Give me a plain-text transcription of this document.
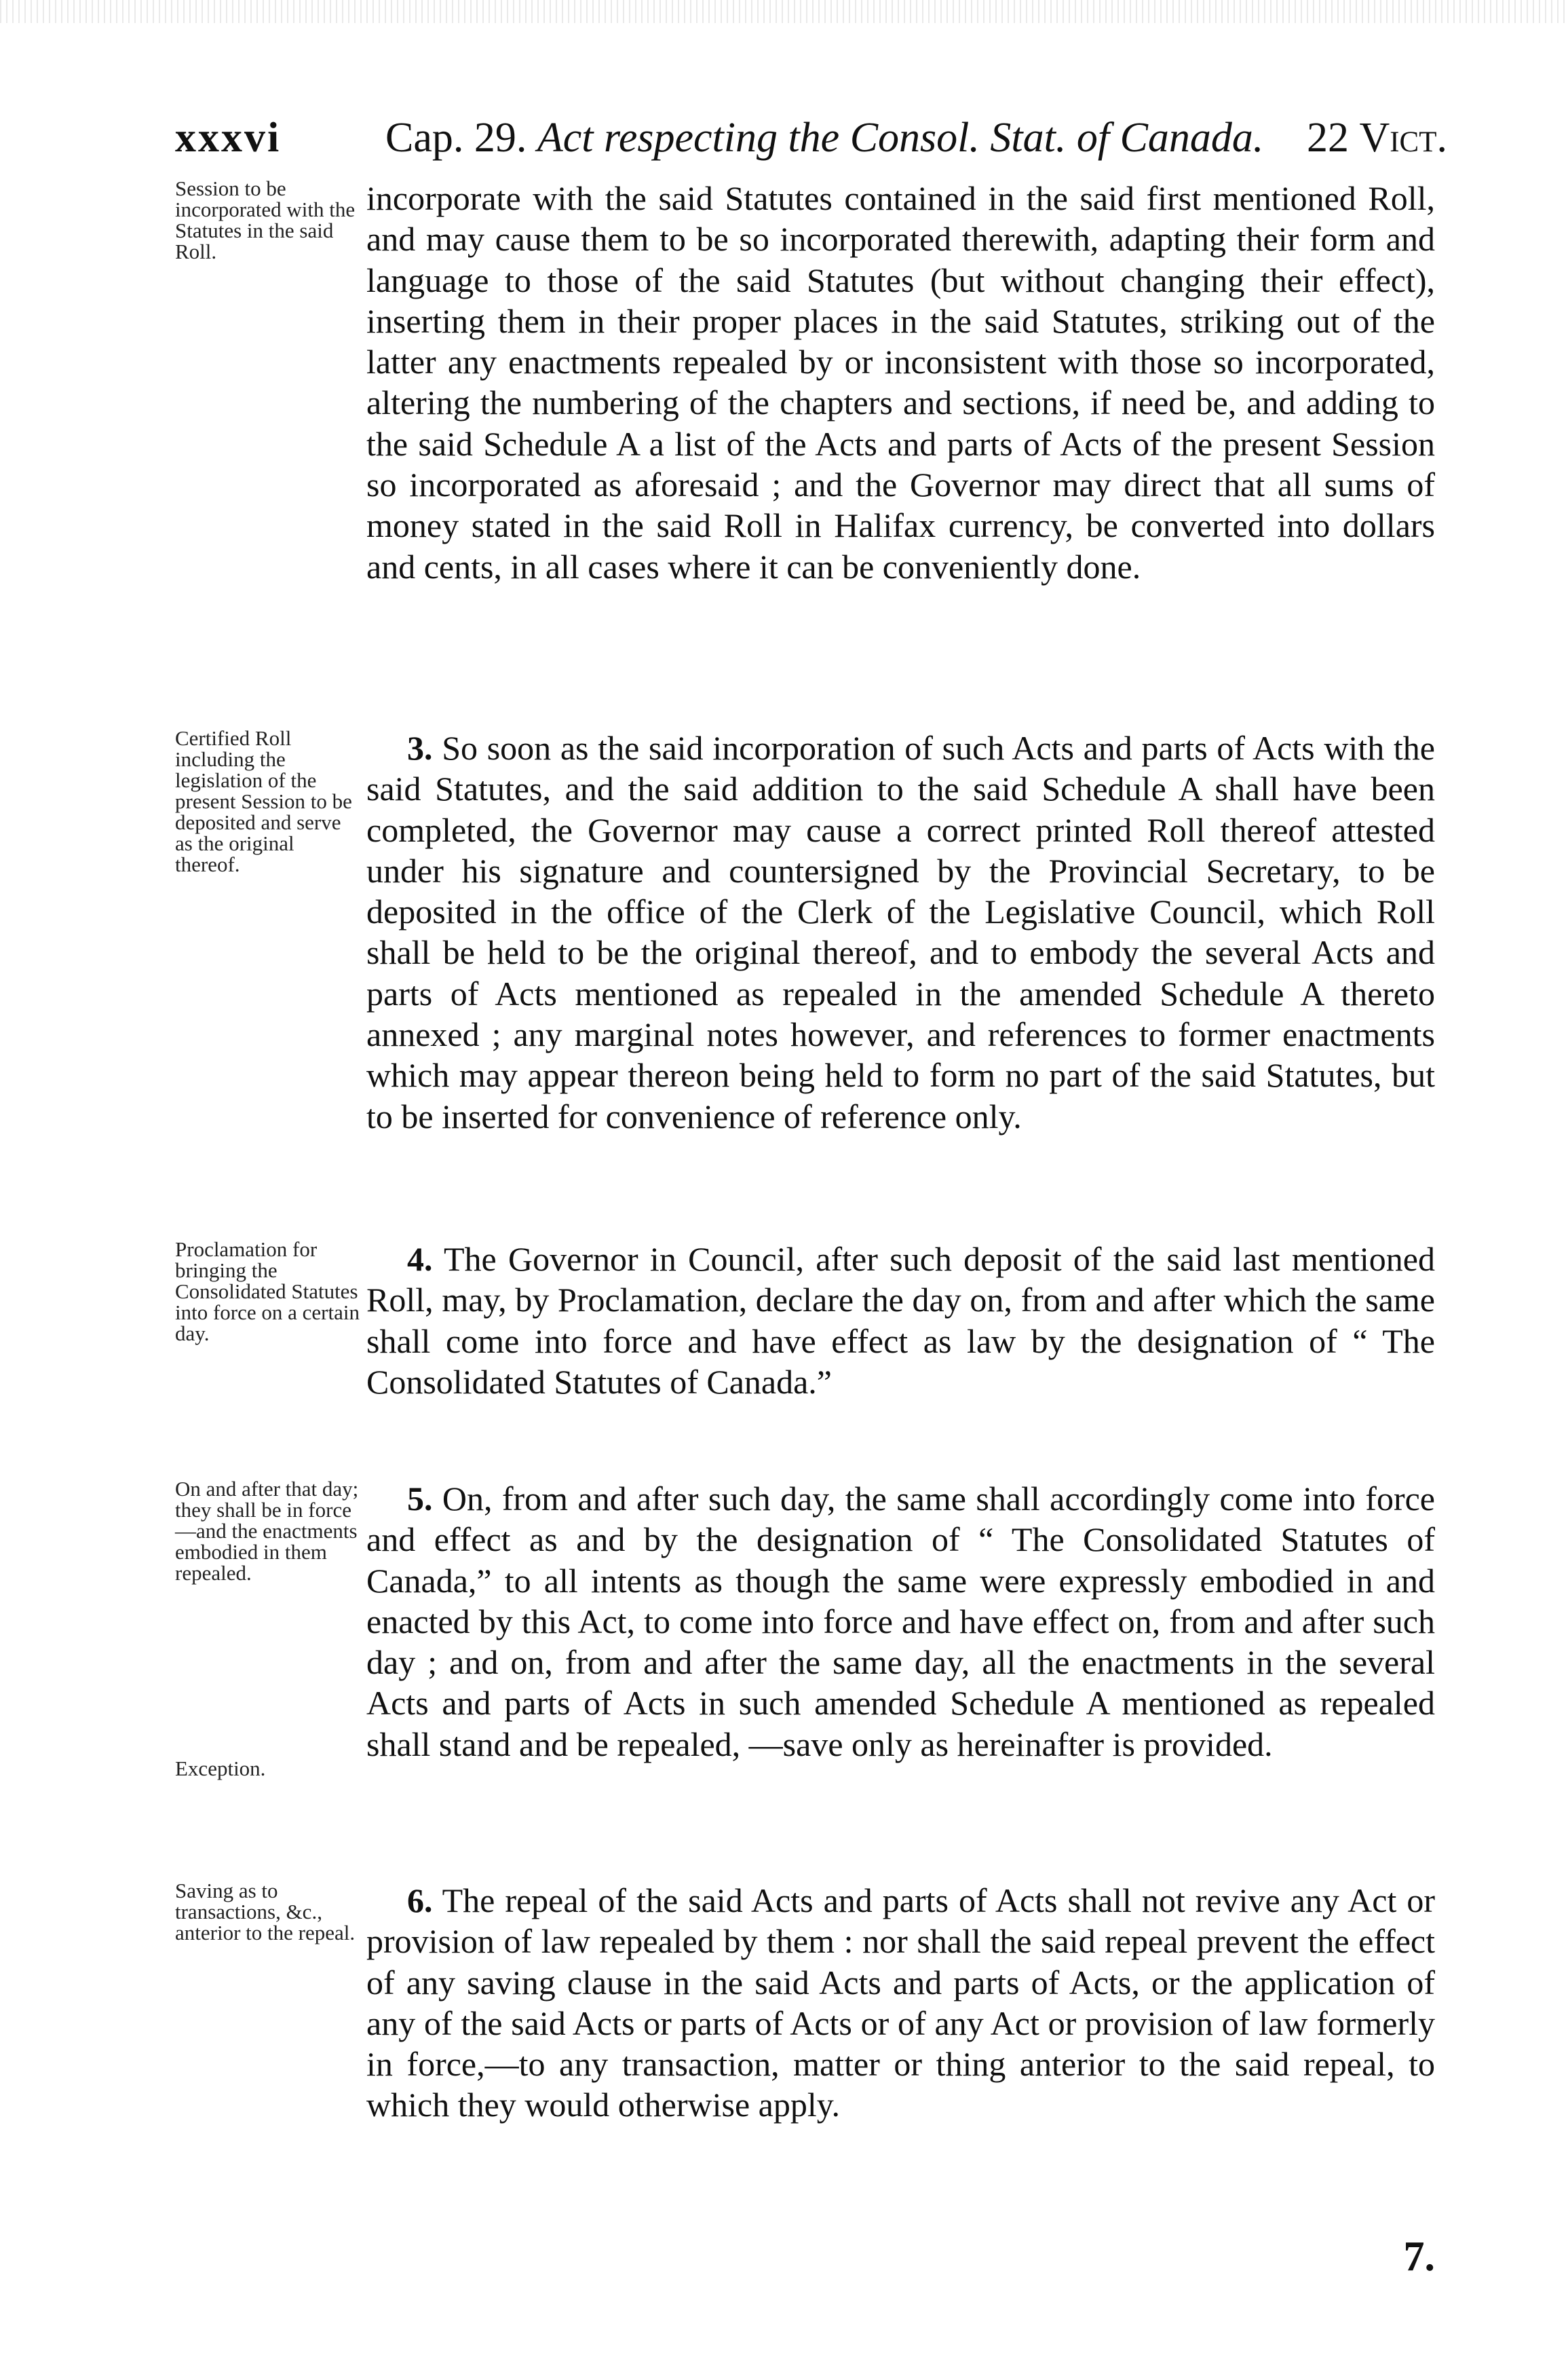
xxxvi Cap. 29. Act respecting the Consol. Stat. of Canada. 22 Vict.
Session to be incorporated with the Statutes in the said Roll.
incorporate with the said Statutes contained in the said first mentioned Roll, and may cause them to be so incorporated therewith, adapting their form and language to those of the said Statutes (but without changing their effect), inserting them in their proper places in the said Statutes, striking out of the latter any enactments repealed by or inconsistent with those so incorporated, altering the numbering of the chapters and sections, if need be, and adding to the said Schedule A a list of the Acts and parts of Acts of the present Session so incorporated as aforesaid ; and the Governor may direct that all sums of money stated in the said Roll in Halifax currency, be converted into dollars and cents, in all cases where it can be conveniently done.
Certified Roll including the legislation of the present Session to be deposited and serve as the original thereof.
3. So soon as the said incorporation of such Acts and parts of Acts with the said Statutes, and the said addition to the said Schedule A shall have been completed, the Governor may cause a correct printed Roll thereof attested under his signature and countersigned by the Provincial Secretary, to be deposited in the office of the Clerk of the Legislative Council, which Roll shall be held to be the original thereof, and to embody the several Acts and parts of Acts mentioned as repealed in the amended Schedule A thereto annexed ; any marginal notes however, and references to former enactments which may appear thereon being held to form no part of the said Statutes, but to be inserted for convenience of reference only.
Proclamation for bringing the Consolidated Statutes into force on a certain day.
4. The Governor in Council, after such deposit of the said last mentioned Roll, may, by Proclamation, declare the day on, from and after which the same shall come into force and have effect as law by the designation of “ The Consolidated Statutes of Canada.”
On and after that day; they shall be in force —and the enactments embodied in them repealed.
Exception.
5. On, from and after such day, the same shall accordingly come into force and effect as and by the designation of “ The Consolidated Statutes of Canada,” to all intents as though the same were expressly embodied in and enacted by this Act, to come into force and have effect on, from and after such day ; and on, from and after the same day, all the enactments in the several Acts and parts of Acts in such amended Schedule A mentioned as repealed shall stand and be repealed, —save only as hereinafter is provided.
Saving as to transactions, &c., anterior to the repeal.
6. The repeal of the said Acts and parts of Acts shall not revive any Act or provision of law repealed by them : nor shall the said repeal prevent the effect of any saving clause in the said Acts and parts of Acts, or the application of any of the said Acts or parts of Acts or of any Act or provision of law formerly in force,—to any transaction, matter or thing anterior to the said repeal, to which they would otherwise apply.
7.
